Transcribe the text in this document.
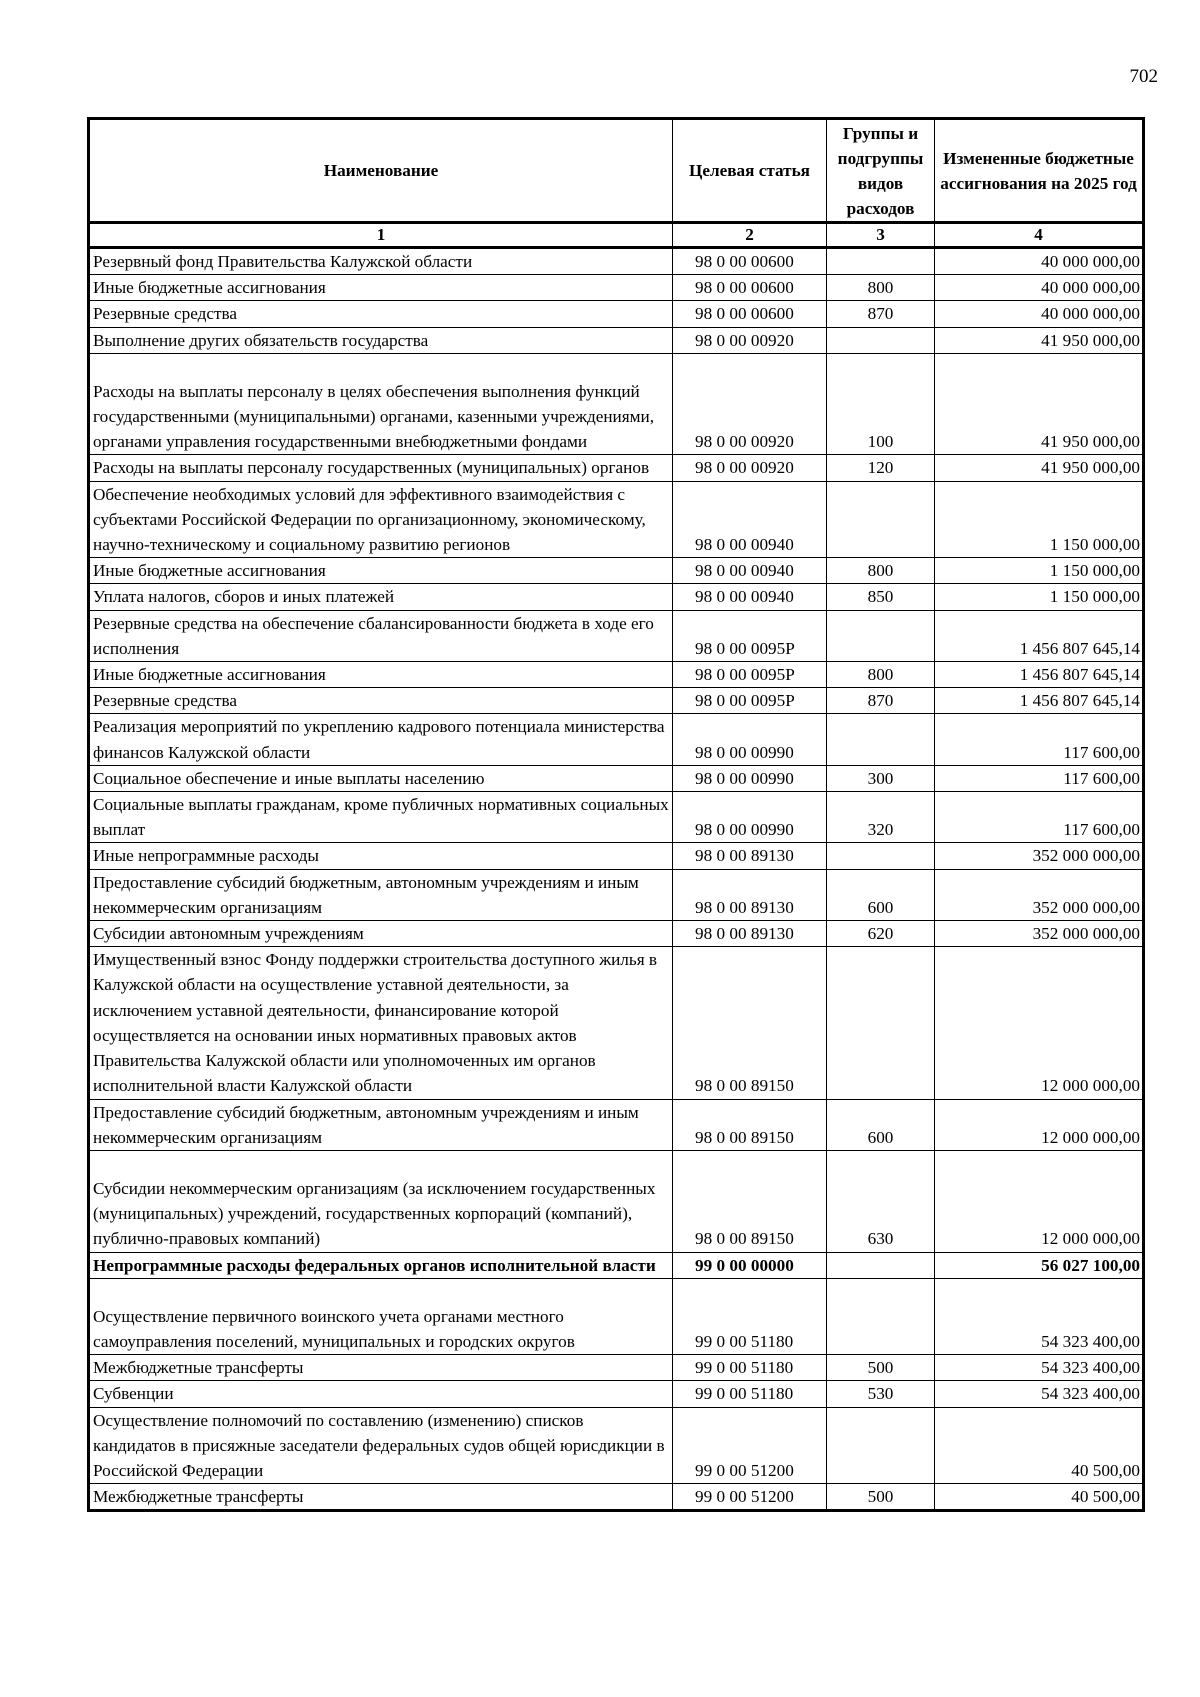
702
Наименование	Целевая статья	Группы и подгруппы видов расходов	Измененные бюджетные ассигнования на 2025 год
1	2	3	4
Резервный фонд Правительства Калужской области	98 0 00 00600		40 000 000,00
Иные бюджетные ассигнования	98 0 00 00600	800	40 000 000,00
Резервные средства	98 0 00 00600	870	40 000 000,00
Выполнение других обязательств государства	98 0 00 00920		41 950 000,00
Расходы на выплаты персоналу в целях обеспечения выполнения функций государственными (муниципальными) органами, казенными учреждениями, органами управления государственными внебюджетными фондами	98 0 00 00920	100	41 950 000,00
Расходы на выплаты персоналу государственных (муниципальных) органов	98 0 00 00920	120	41 950 000,00
Обеспечение необходимых условий для эффективного взаимодействия с субъектами Российской Федерации по организационному, экономическому, научно-техническому и социальному развитию регионов	98 0 00 00940		1 150 000,00
Иные бюджетные ассигнования	98 0 00 00940	800	1 150 000,00
Уплата налогов, сборов и иных платежей	98 0 00 00940	850	1 150 000,00
Резервные средства на обеспечение сбалансированности бюджета в ходе его исполнения	98 0 00 0095Р		1 456 807 645,14
Иные бюджетные ассигнования	98 0 00 0095Р	800	1 456 807 645,14
Резервные средства	98 0 00 0095Р	870	1 456 807 645,14
Реализация мероприятий по укреплению кадрового потенциала министерства финансов Калужской области	98 0 00 00990		117 600,00
Социальное обеспечение и иные выплаты населению	98 0 00 00990	300	117 600,00
Социальные выплаты гражданам, кроме публичных нормативных социальных выплат	98 0 00 00990	320	117 600,00
Иные непрограммные расходы	98 0 00 89130		352 000 000,00
Предоставление субсидий бюджетным, автономным учреждениям и иным некоммерческим организациям	98 0 00 89130	600	352 000 000,00
Субсидии автономным учреждениям	98 0 00 89130	620	352 000 000,00
Имущественный взнос Фонду поддержки строительства доступного жилья в Калужской области на осуществление уставной деятельности, за исключением уставной деятельности, финансирование которой осуществляется на основании иных нормативных правовых актов Правительства Калужской области или уполномоченных им органов исполнительной власти Калужской области	98 0 00 89150		12 000 000,00
Предоставление субсидий бюджетным, автономным учреждениям и иным некоммерческим организациям	98 0 00 89150	600	12 000 000,00
Субсидии некоммерческим организациям (за исключением государственных (муниципальных) учреждений, государственных корпораций (компаний), публично-правовых компаний)	98 0 00 89150	630	12 000 000,00
Непрограммные расходы федеральных органов исполнительной власти	99 0 00 00000		56 027 100,00
Осуществление первичного воинского учета органами местного самоуправления поселений, муниципальных и городских округов	99 0 00 51180		54 323 400,00
Межбюджетные трансферты	99 0 00 51180	500	54 323 400,00
Субвенции	99 0 00 51180	530	54 323 400,00
Осуществление полномочий по составлению (изменению) списков кандидатов в присяжные заседатели федеральных судов общей юрисдикции в Российской Федерации	99 0 00 51200		40 500,00
Межбюджетные трансферты	99 0 00 51200	500	40 500,00
